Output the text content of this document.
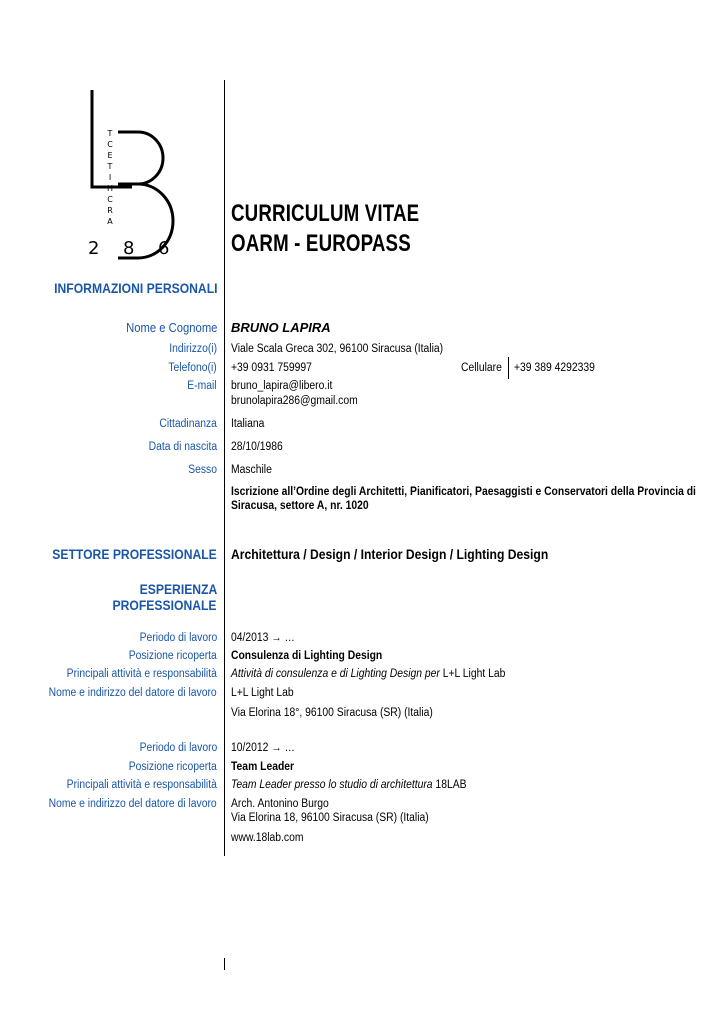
T
C
E
T
I
H
C
R
A
2 8 6
CURRICULUM VITAE
OARM - EUROPASS
INFORMAZIONI PERSONALI
Nome e Cognome BRUNO LAPIRA
Indirizzo(i) Viale Scala Greca 302, 96100 Siracusa (Italia)
Telefono(i) +39 0931 759997	Cellulare +39 389 4292339
E-mail bruno_lapira@libero.it
brunolapira286@gmail.com
Cittadinanza Italiana
Data di nascita 28/10/1986
Sesso Maschile
Iscrizione all’Ordine degli Architetti, Pianificatori, Paesaggisti e Conservatori della Provincia di
Siracusa, settore A, nr. 1020
SETTORE PROFESSIONALE Architettura / Design / Interior Design / Lighting Design
ESPERIENZA
PROFESSIONALE
Periodo di lavoro 04/2013 → …
Posizione ricoperta Consulenza di Lighting Design
Principali attività e responsabilità Attività di consulenza e di Lighting Design per L+L Light Lab
Nome e indirizzo del datore di lavoro L+L Light Lab
Via Elorina 18°, 96100 Siracusa (SR) (Italia)
Periodo di lavoro 10/2012 → …
Posizione ricoperta Team Leader
Principali attività e responsabilità Team Leader presso lo studio di architettura 18LAB
Nome e indirizzo del datore di lavoro Arch. Antonino Burgo
Via Elorina 18, 96100 Siracusa (SR) (Italia)
www.18lab.com
